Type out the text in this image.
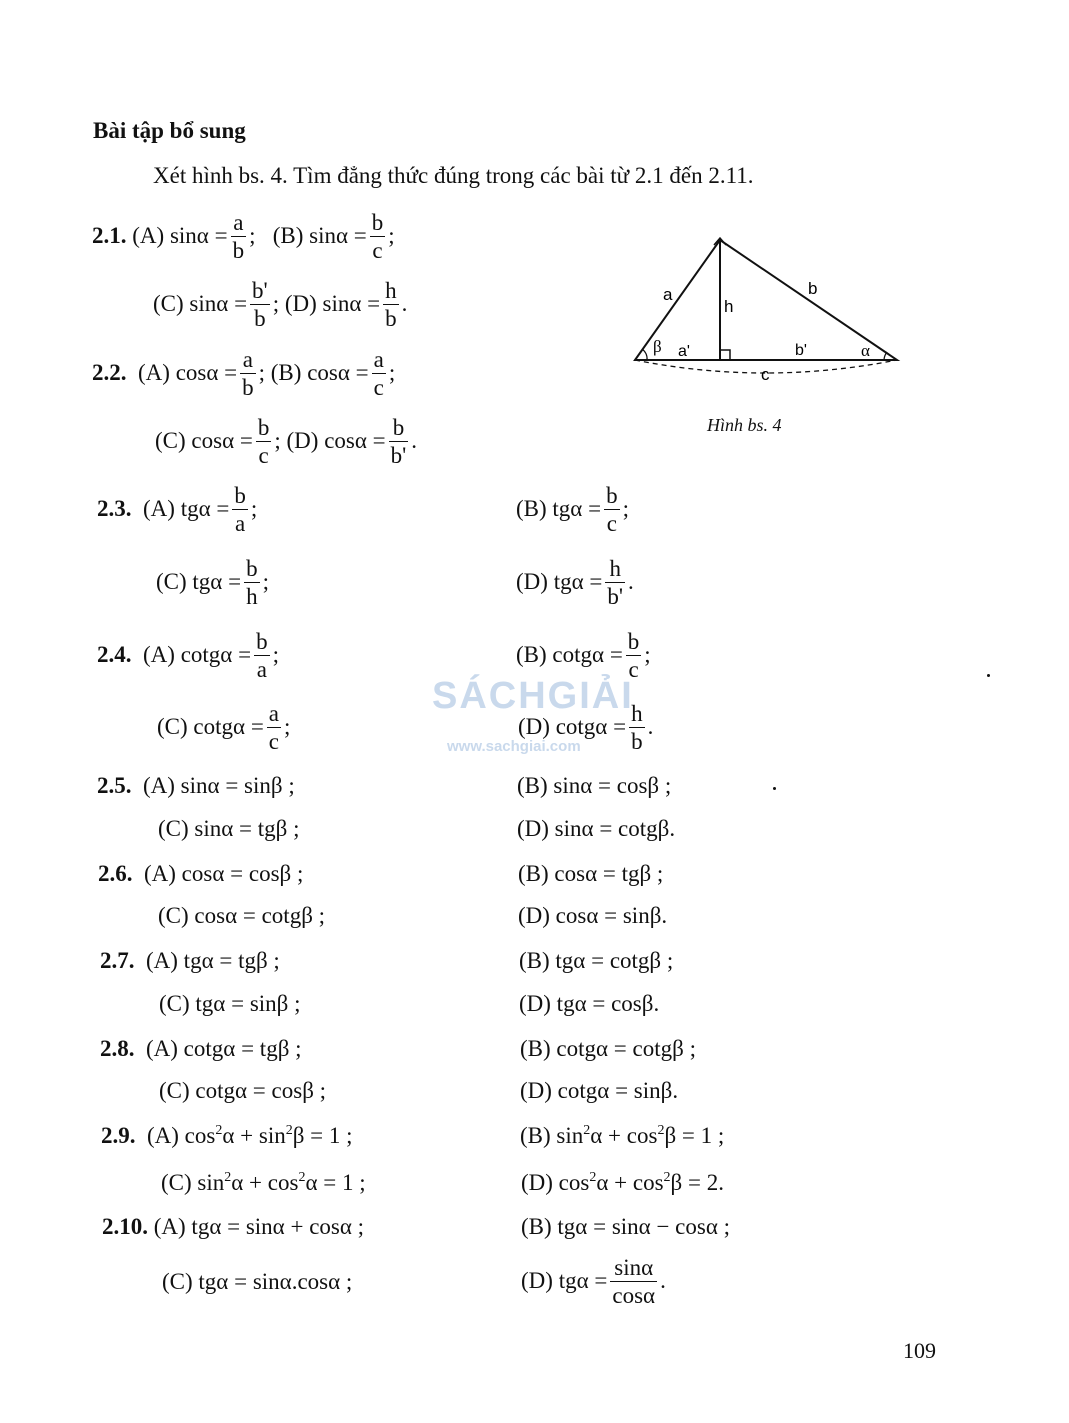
Bài tập bổ sung
Xét hình bs. 4. Tìm đẳng thức đúng trong các bài từ 2.1 đến 2.11.
a	b
h
β a'	b'	α
c
Hình bs. 4
2.1.
(A)
$\sin\alpha = \frac{a}{b}$ ;
(B)
$\sin\alpha = \frac{b}{c}$ ;
(C)
$\sin\alpha = \frac{b'}{b}$ ;
(D)
$\sin\alpha = \frac{h}{b}$ .
2.2.
(A)
$\cos\alpha = \frac{a}{b}$ ;
(B)
$\cos\alpha = \frac{a}{c}$ ;
(C)
$\cos\alpha = \frac{b}{c}$ ;
(D)
$\cos\alpha = \frac{b}{b'}$ .
2.3.
(A)
$tg\alpha = \frac{b}{a}$ ;	(B)
$tg\alpha = \frac{b}{c}$ ;
(C)
$tg\alpha = \frac{b}{h}$ ;	(D)
$tg\alpha = \frac{h}{b'}$ .
SÁCHGIẢI
www.sachgiai.com
2.4.
(A)
$\cot g\alpha = \frac{b}{a}$ ;	(B)
$\cot g\alpha = \frac{b}{c}$ ;
(C)
$\cot g\alpha = \frac{a}{c}$ ;	(D)
$\cot g\alpha = \frac{h}{b}$ .
2.5. (A) sinα = sinβ ;	(B) sinα = cosβ ;
(C) sinα = tgβ ;	(D) sinα = cotgβ.
2.6. (A) cosα = cosβ ;	(B) cosα = tgβ ;
(C) cosα = cotgβ ;	(D) cosα = sinβ.
2.7. (A) tgα = tgβ ;	(B) tgα = cotgβ ;
(C) tgα = sinβ ;	(D) tgα = cosβ.
2.8. (A) cotgα = tgβ ;	(B) cotgα = cotgβ ;
(C) cotgα = cosβ ;	(D) cotgα = sinβ.
2.9. (A) $\cos^2\alpha + \sin^2\beta = 1$ ;	(B) $\sin^2\alpha + \cos^2\beta = 1$ ;
(C) $\sin^2\alpha + \cos^2\alpha = 1$ ;	(D) $\cos^2\alpha + \cos^2\beta = 2$.
2.10. (A) tgα = sinα + cosα ;	(B) tgα = sinα − cosα ;
(C) tgα = sinα.cosα ;	(D)
$tg\alpha = \frac{\sin\alpha}{\cos\alpha}$ .
109
